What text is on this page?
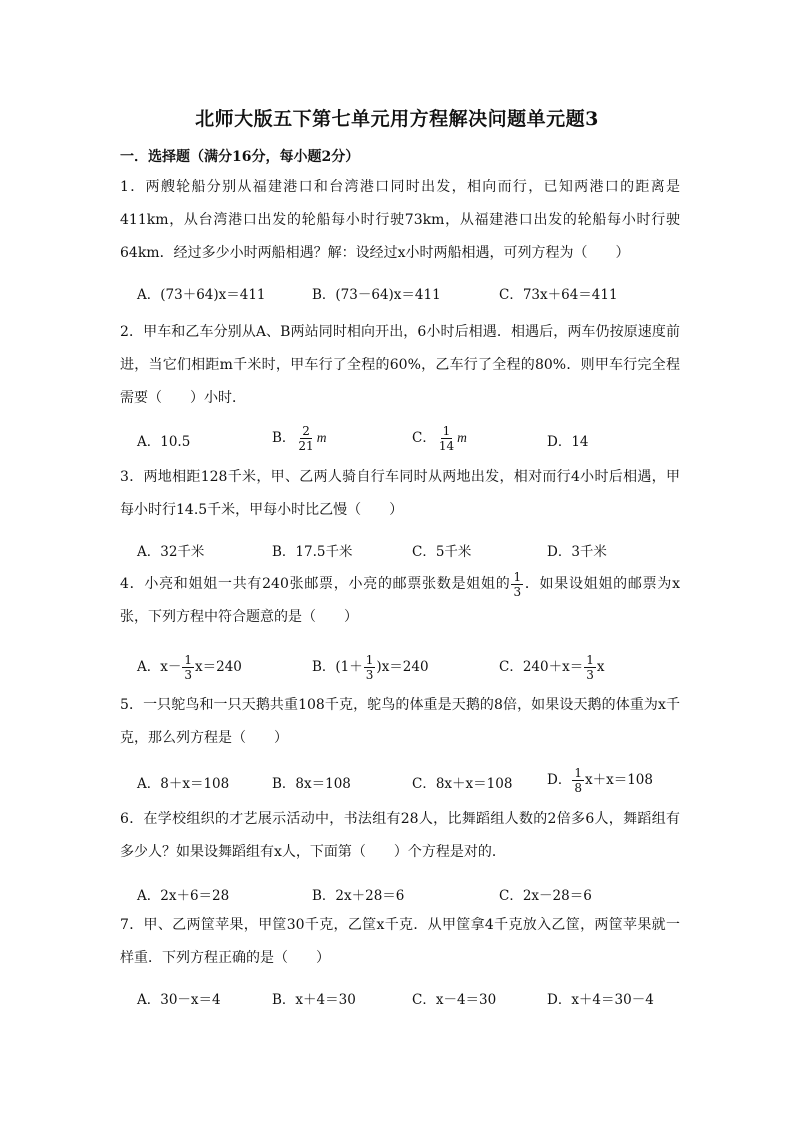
北师大版五下第七单元用方程解决问题单元题3
一．选择题（满分16分，每小题2分）
1．两艘轮船分别从福建港口和台湾港口同时出发，相向而行，已知两港口的距离是411km，从台湾港口出发的轮船每小时行驶73km，从福建港口出发的轮船每小时行驶64km．经过多少小时两船相遇？解：设经过x小时两船相遇，可列方程为（　　）
A．(73＋64)x＝411	B．(73－64)x＝411	C．73x＋64＝411
2．甲车和乙车分别从A、B两站同时相向开出，6小时后相遇．相遇后，两车仍按原速度前进，当它们相距m千米时，甲车行了全程的60%，乙车行了全程的80%．则甲车行完全程需要（　　）小时．
A．10.5	B． $\frac{2}{21}$ m	C． $\frac{1}{14}$ m	D．14
3．两地相距128千米，甲、乙两人骑自行车同时从两地出发，相对而行4小时后相遇，甲每小时行14.5千米，甲每小时比乙慢（　　）
A．32千米	B．17.5千米	C．5千米	D．3千米
4．小亮和姐姐一共有240张邮票，小亮的邮票张数是姐姐的 $\frac{1}{3}$ ．如果设姐姐的邮票为x张，下列方程中符合题意的是（　　）
A．$x- \frac{1}{3} x=240$	B．$(1+ \frac{1}{3} )x=240$	C．$240+x= \frac{1}{3}$ x
5．一只鸵鸟和一只天鹅共重108千克，鸵鸟的体重是天鹅的8倍，如果设天鹅的体重为x千克，那么列方程是（　　）
A．8＋x＝108	B．8x＝108	C．8x＋x＝108	D． $\frac{1}{8} x+x=108$
6．在学校组织的才艺展示活动中，书法组有28人，比舞蹈组人数的2倍多6人，舞蹈组有多少人？如果设舞蹈组有x人，下面第（　　）个方程是对的．
A．2x＋6＝28	B．2x＋28＝6	C．2x－28＝6
7．甲、乙两筐苹果，甲筐30千克，乙筐x千克．从甲筐拿4千克放入乙筐，两筐苹果就一样重．下列方程正确的是（　　）
A．30－x＝4	B．x＋4＝30	C．x－4＝30	D．x＋4＝30－4
